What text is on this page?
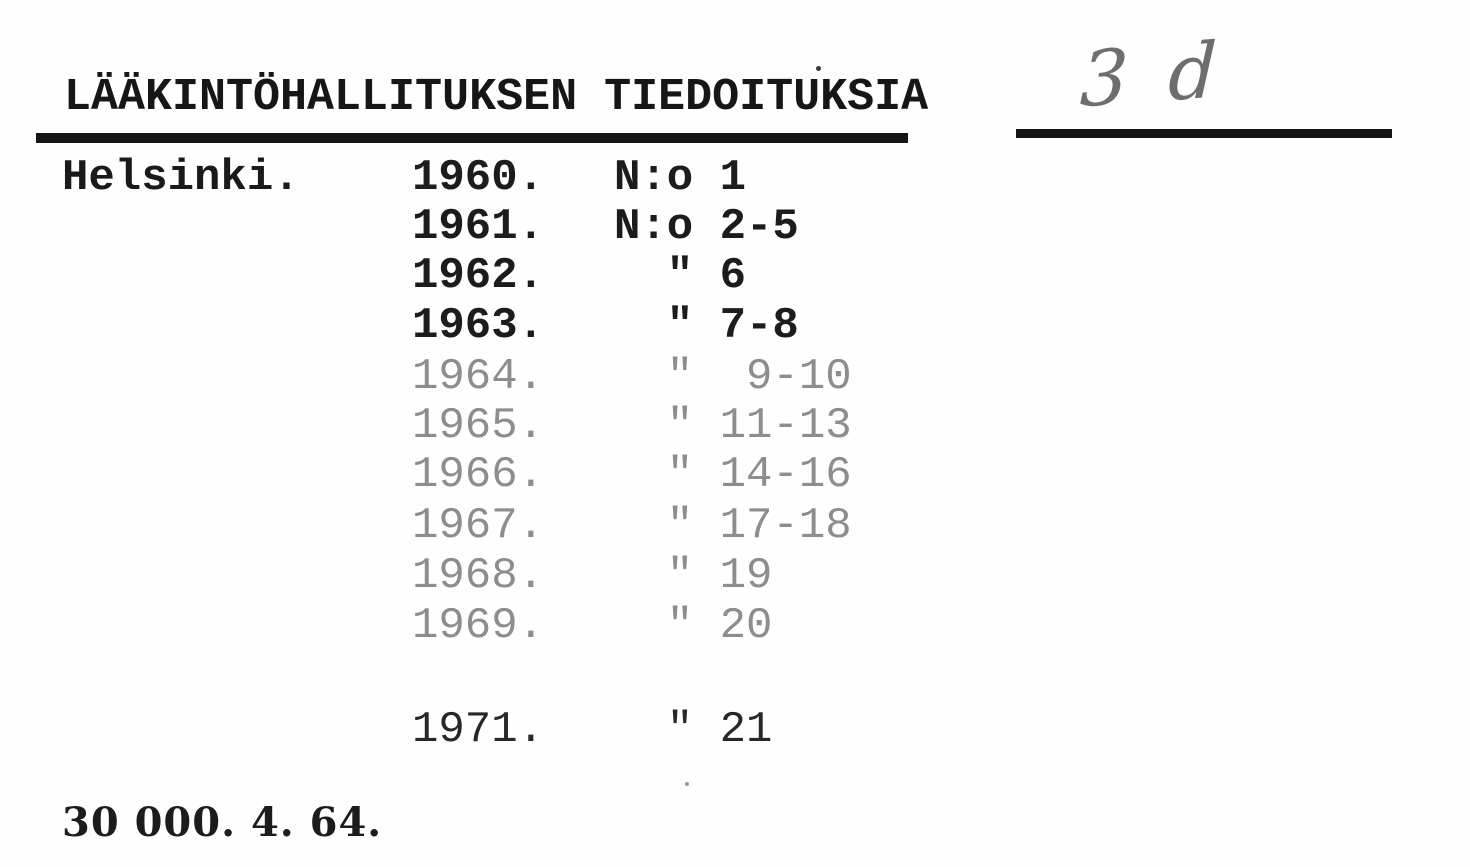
LÄÄKINTÖHALLITUKSEN TIEDOITUKSIA 3 d
Helsinki.

	1960.

N:o 1

1961.

N:o 2-5

1962.

" 6

1963.

" 7-8

1964.

"  9-10

1965.

" 11-13

1966.

" 14-16

1967.

" 17-18

1968.

" 19

1969.

" 20

1971.

" 21

30 000. 4. 64.
